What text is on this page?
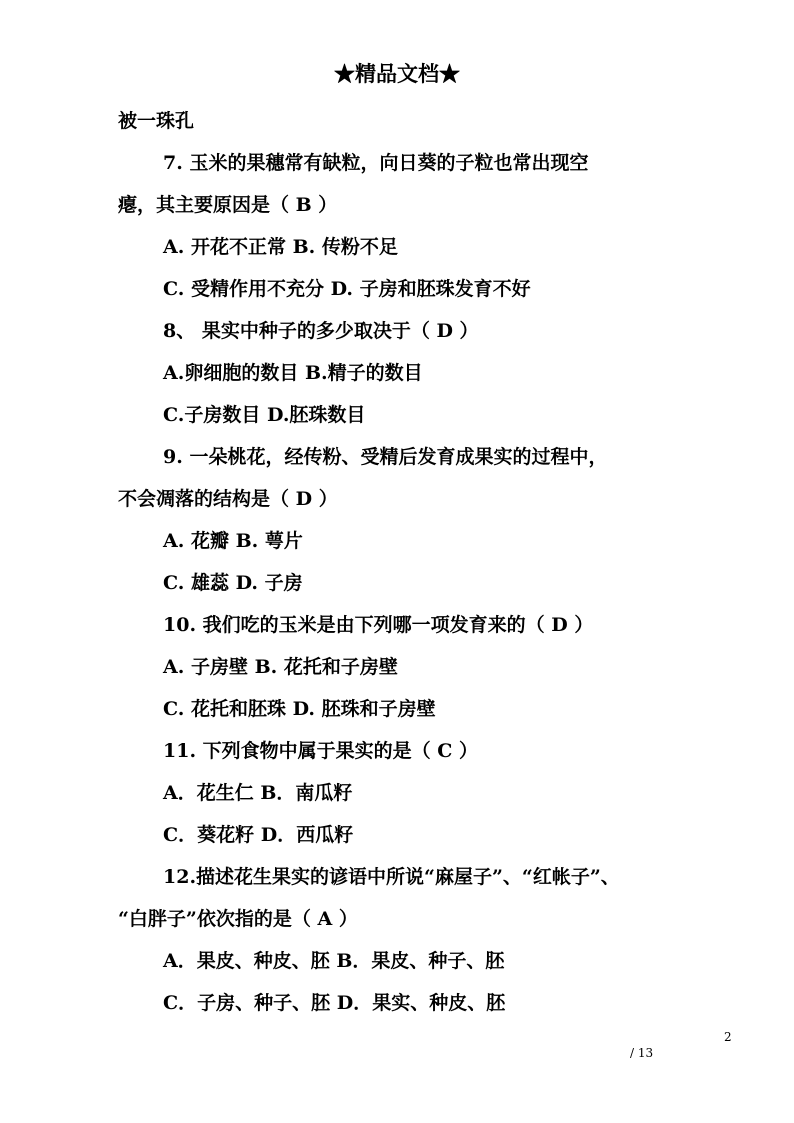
★精品文档★
被一珠孔
7. 玉米的果穗常有缺粒，向日葵的子粒也常出现空
瘪，其主要原因是（ B ）
A. 开花不正常 B. 传粉不足
C. 受精作用不充分 D. 子房和胚珠发育不好
8、 果实中种子的多少取决于（ D ）
A.卵细胞的数目 B.精子的数目
C.子房数目 D.胚珠数目
9. 一朵桃花，经传粉、受精后发育成果实的过程中，
不会凋落的结构是（ D ）
A. 花瓣 B. 萼片
C. 雄蕊 D. 子房
10. 我们吃的玉米是由下列哪一项发育来的（ D ）
A. 子房壁 B. 花托和子房壁
C. 花托和胚珠 D. 胚珠和子房壁
11. 下列食物中属于果实的是（ C ）
A．花生仁 B．南瓜籽
C．葵花籽 D．西瓜籽
12.描述花生果实的谚语中所说“麻屋子”、“红帐子”、
“白胖子”依次指的是（ A ）
A．果皮、种皮、胚 B．果皮、种子、胚
C．子房、种子、胚 D．果实、种皮、胚
2
/ 13
